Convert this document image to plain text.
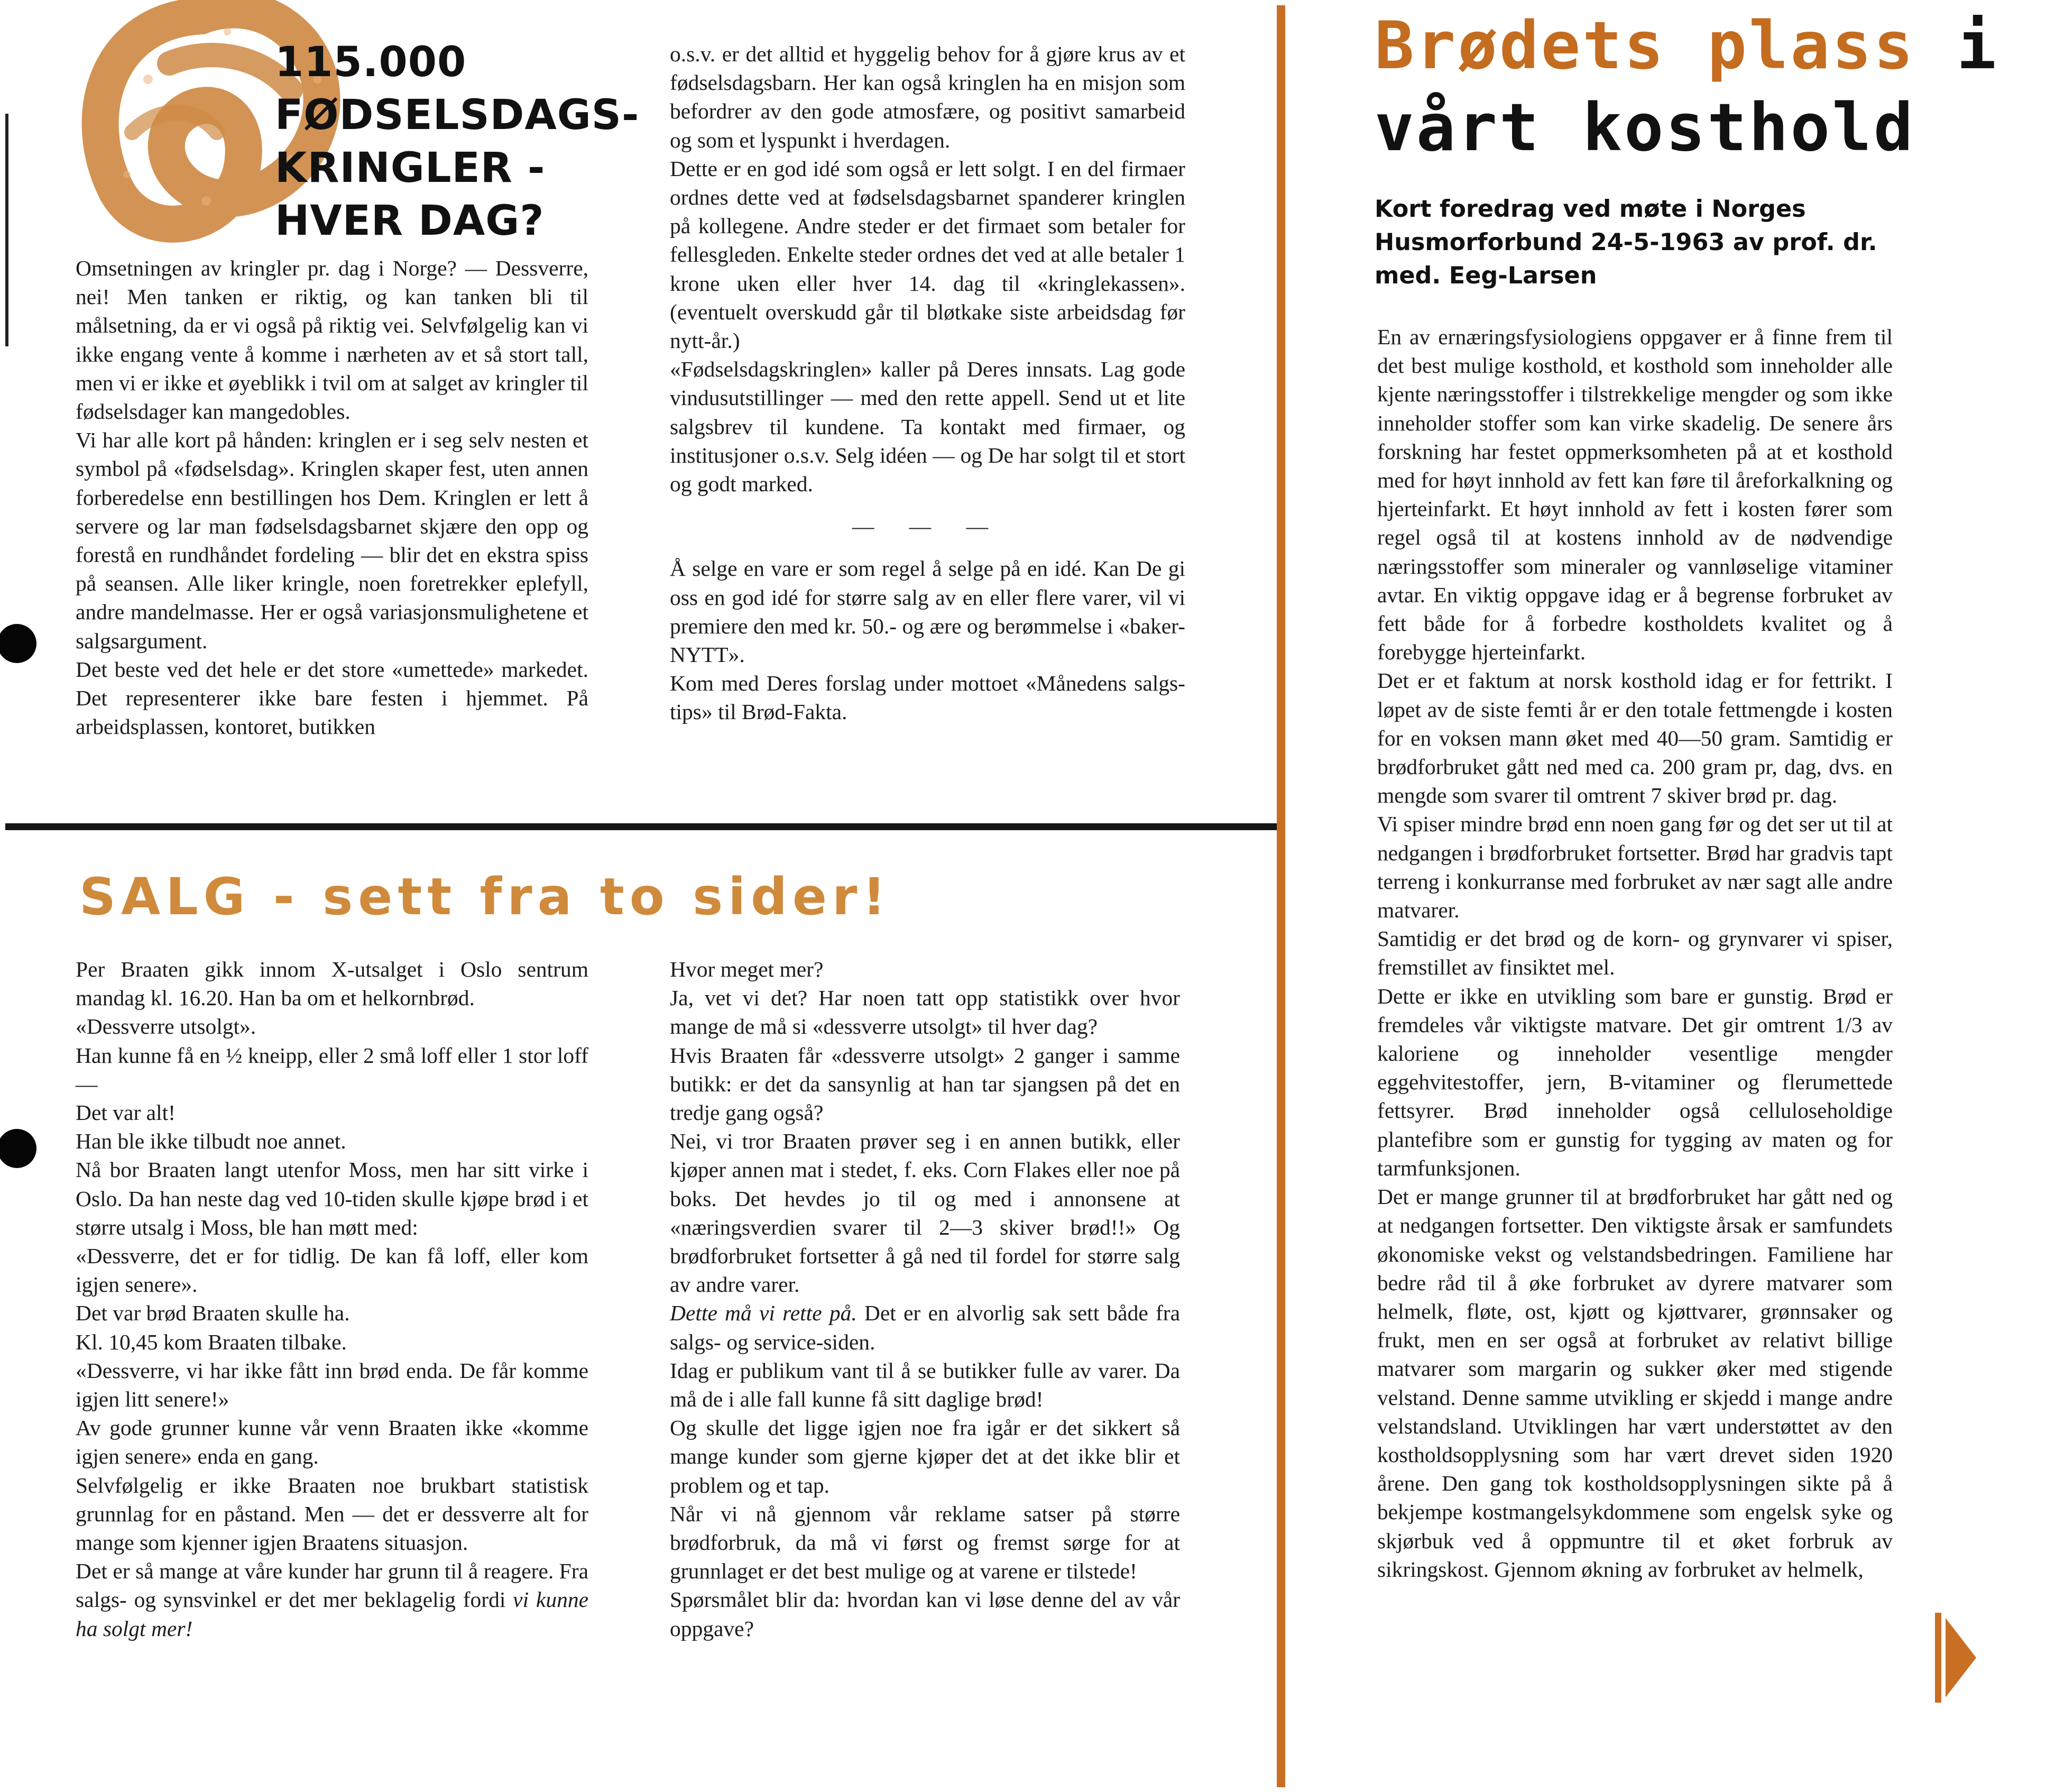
115.000
FØDSELSDAGS-
KRINGLER -
HVER DAG?

Omsetningen av kringler pr. dag i Norge? — Dessverre, nei! Men tanken er riktig, og kan tanken bli til målsetning, da er vi også på riktig vei. Selvfølgelig kan vi ikke engang vente å komme i nærheten av et så stort tall, men vi er ikke et øyeblikk i tvil om at salget av kringler til fødselsdager kan mangedobles.

Vi har alle kort på hånden: kringlen er i seg selv nesten et symbol på «fødselsdag». Kringlen skaper fest, uten annen forberedelse enn bestillingen hos Dem. Kringlen er lett å servere og lar man fødselsdagsbarnet skjære den opp og forestå en rundhåndet fordeling — blir det en ekstra spiss på seansen. Alle liker kringle, noen foretrekker eplefyll, andre mandelmasse. Her er også variasjonsmulighetene et salgsargument.

Det beste ved det hele er det store «umettede» markedet. Det representerer ikke bare festen i hjemmet. På arbeidsplassen, kontoret, butikken

o.s.v. er det alltid et hyggelig behov for å gjøre krus av et fødselsdagsbarn. Her kan også kringlen ha en misjon som befordrer av den gode atmosfære, og positivt samarbeid og som et lyspunkt i hverdagen.

Dette er en god idé som også er lett solgt. I en del firmaer ordnes dette ved at fødselsdagsbarnet spanderer kringlen på kollegene. Andre steder er det firmaet som betaler for fellesgleden. Enkelte steder ordnes det ved at alle betaler 1 krone uken eller hver 14. dag til «kringlekassen». (eventuelt overskudd går til bløtkake siste arbeidsdag før nytt-år.)

«Fødselsdagskringlen» kaller på Deres innsats. Lag gode vindusutstillinger — med den rette appell. Send ut et lite salgsbrev til kundene. Ta kontakt med firmaer, og institusjoner o.s.v. Selg idéen — og De har solgt til et stort og godt marked.

— — —

Å selge en vare er som regel å selge på en idé. Kan De gi oss en god idé for større salg av en eller flere varer, vil vi premiere den med kr. 50.- og ære og berømmelse i «baker-NYTT».

Kom med Deres forslag under mottoet «Månedens salgs-tips» til Brød-Fakta.

SALG - sett fra to sider!

Per Braaten gikk innom X-utsalget i Oslo sentrum mandag kl. 16.20. Han ba om et helkornbrød.

«Dessverre utsolgt».

Han kunne få en ½ kneipp, eller 2 små loff eller 1 stor loff —

Det var alt!

Han ble ikke tilbudt noe annet.

Nå bor Braaten langt utenfor Moss, men har sitt virke i Oslo. Da han neste dag ved 10-tiden skulle kjøpe brød i et større utsalg i Moss, ble han møtt med:

«Dessverre, det er for tidlig. De kan få loff, eller kom igjen senere».

Det var brød Braaten skulle ha.

Kl. 10,45 kom Braaten tilbake.

«Dessverre, vi har ikke fått inn brød enda. De får komme igjen litt senere!»

Av gode grunner kunne vår venn Braaten ikke «komme igjen senere» enda en gang.

Selvfølgelig er ikke Braaten noe brukbart statistisk grunnlag for en påstand. Men — det er dessverre alt for mange som kjenner igjen Braatens situasjon.

Det er så mange at våre kunder har grunn til å reagere. Fra salgs- og synsvinkel er det mer beklagelig fordi vi kunne ha solgt mer!

Hvor meget mer?

Ja, vet vi det? Har noen tatt opp statistikk over hvor mange de må si «dessverre utsolgt» til hver dag?

Hvis Braaten får «dessverre utsolgt» 2 ganger i samme butikk: er det da sansynlig at han tar sjangsen på det en tredje gang også?

Nei, vi tror Braaten prøver seg i en annen butikk, eller kjøper annen mat i stedet, f. eks. Corn Flakes eller noe på boks. Det hevdes jo til og med i annonsene at «næringsverdien svarer til 2—3 skiver brød!!» Og brødforbruket fortsetter å gå ned til fordel for større salg av andre varer.

Dette må vi rette på. Det er en alvorlig sak sett både fra salgs- og service-siden.

Idag er publikum vant til å se butikker fulle av varer. Da må de i alle fall kunne få sitt daglige brød!

Og skulle det ligge igjen noe fra igår er det sikkert så mange kunder som gjerne kjøper det at det ikke blir et problem og et tap.

Når vi nå gjennom vår reklame satser på større brødforbruk, da må vi først og fremst sørge for at grunnlaget er det best mulige og at varene er tilstede!

Spørsmålet blir da: hvordan kan vi løse denne del av vår oppgave?

Brødets plass i
vårt kosthold
Kort foredrag ved møte i Norges Husmorforbund 24-5-1963 av prof. dr. med. Eeg-Larsen

En av ernæringsfysiologiens oppgaver er å finne frem til det best mulige kosthold, et kosthold som inneholder alle kjente næringsstoffer i tilstrekkelige mengder og som ikke inneholder stoffer som kan virke skadelig. De senere års forskning har festet oppmerksomheten på at et kosthold med for høyt innhold av fett kan føre til åreforkalkning og hjerteinfarkt. Et høyt innhold av fett i kosten fører som regel også til at kostens innhold av de nødvendige næringsstoffer som mineraler og vannløselige vitaminer avtar. En viktig oppgave idag er å begrense forbruket av fett både for å forbedre kostholdets kvalitet og å forebygge hjerteinfarkt.

Det er et faktum at norsk kosthold idag er for fettrikt. I løpet av de siste femti år er den totale fettmengde i kosten for en voksen mann øket med 40—50 gram. Samtidig er brødforbruket gått ned med ca. 200 gram pr, dag, dvs. en mengde som svarer til omtrent 7 skiver brød pr. dag.

Vi spiser mindre brød enn noen gang før og det ser ut til at nedgangen i brødforbruket fortsetter. Brød har gradvis tapt terreng i konkurranse med forbruket av nær sagt alle andre matvarer.

Samtidig er det brød og de korn- og grynvarer vi spiser, fremstillet av finsiktet mel.

Dette er ikke en utvikling som bare er gunstig. Brød er fremdeles vår viktigste matvare. Det gir omtrent 1/3 av kaloriene og inneholder vesentlige mengder eggehvitestoffer, jern, B-vitaminer og flerumettede fettsyrer. Brød inneholder også celluloseholdige plantefibre som er gunstig for tygging av maten og for tarmfunksjonen.

Det er mange grunner til at brødforbruket har gått ned og at nedgangen fortsetter. Den viktigste årsak er samfundets økonomiske vekst og velstandsbedringen. Familiene har bedre råd til å øke forbruket av dyrere matvarer som helmelk, fløte, ost, kjøtt og kjøttvarer, grønnsaker og frukt, men en ser også at forbruket av relativt billige matvarer som margarin og sukker øker med stigende velstand. Denne samme utvikling er skjedd i mange andre velstandsland. Utviklingen har vært understøttet av den kostholdsopplysning som har vært drevet siden 1920 årene. Den gang tok kostholdsopplysningen sikte på å bekjempe kostmangelsykdommene som engelsk syke og skjørbuk ved å oppmuntre til et øket forbruk av sikringskost. Gjennom økning av forbruket av helmelk,
